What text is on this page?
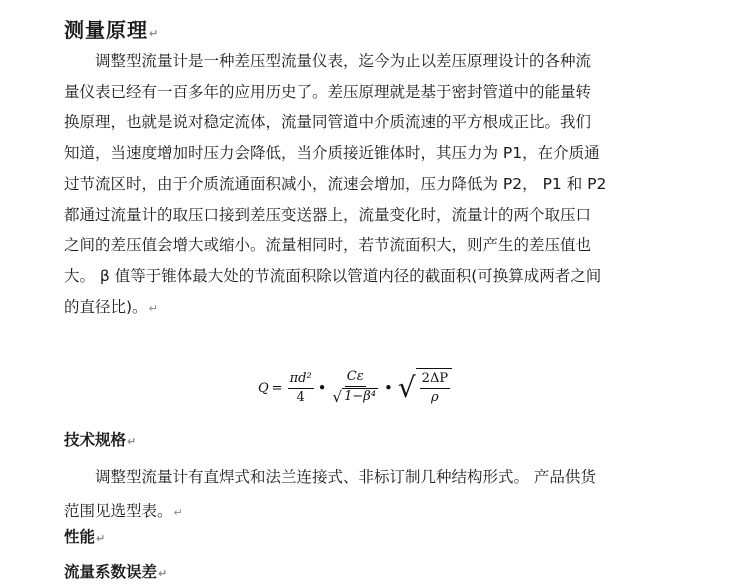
测量原理↵

调整型流量计是一种差压型流量仪表，迄今为止以差压原理设计的各种流
量仪表已经有一百多年的应用历史了。差压原理就是基于密封管道中的能量转
换原理，也就是说对稳定流体，流量同管道中介质流速的平方根成正比。我们
知道，当速度增加时压力会降低，当介质接近锥体时，其压力为 P1，在介质通
过节流区时，由于介质流通面积减小，流速会增加，压力降低为 P2， P1 和 P2
都通过流量计的取压口接到差压变送器上，流量变化时，流量计的两个取压口
之间的差压值会增大或缩小。流量相同时，若节流面积大，则产生的差压值也
大。 β 值等于锥体最大处的节流面积除以管道内径的截面积(可换算成两者之间
的直径比)。↵

$Q = \frac{\text{πd²}}{4}$ • $\frac{C\varepsilon}{\text{√ 1−β⁴}}$ • √ $\frac{2\Delta P}{\rho}$
技术规格↵

调整型流量计有直焊式和法兰连接式、非标订制几种结构形式。 产品供货
范围见选型表。↵

性能↵
流量系数误差↵
